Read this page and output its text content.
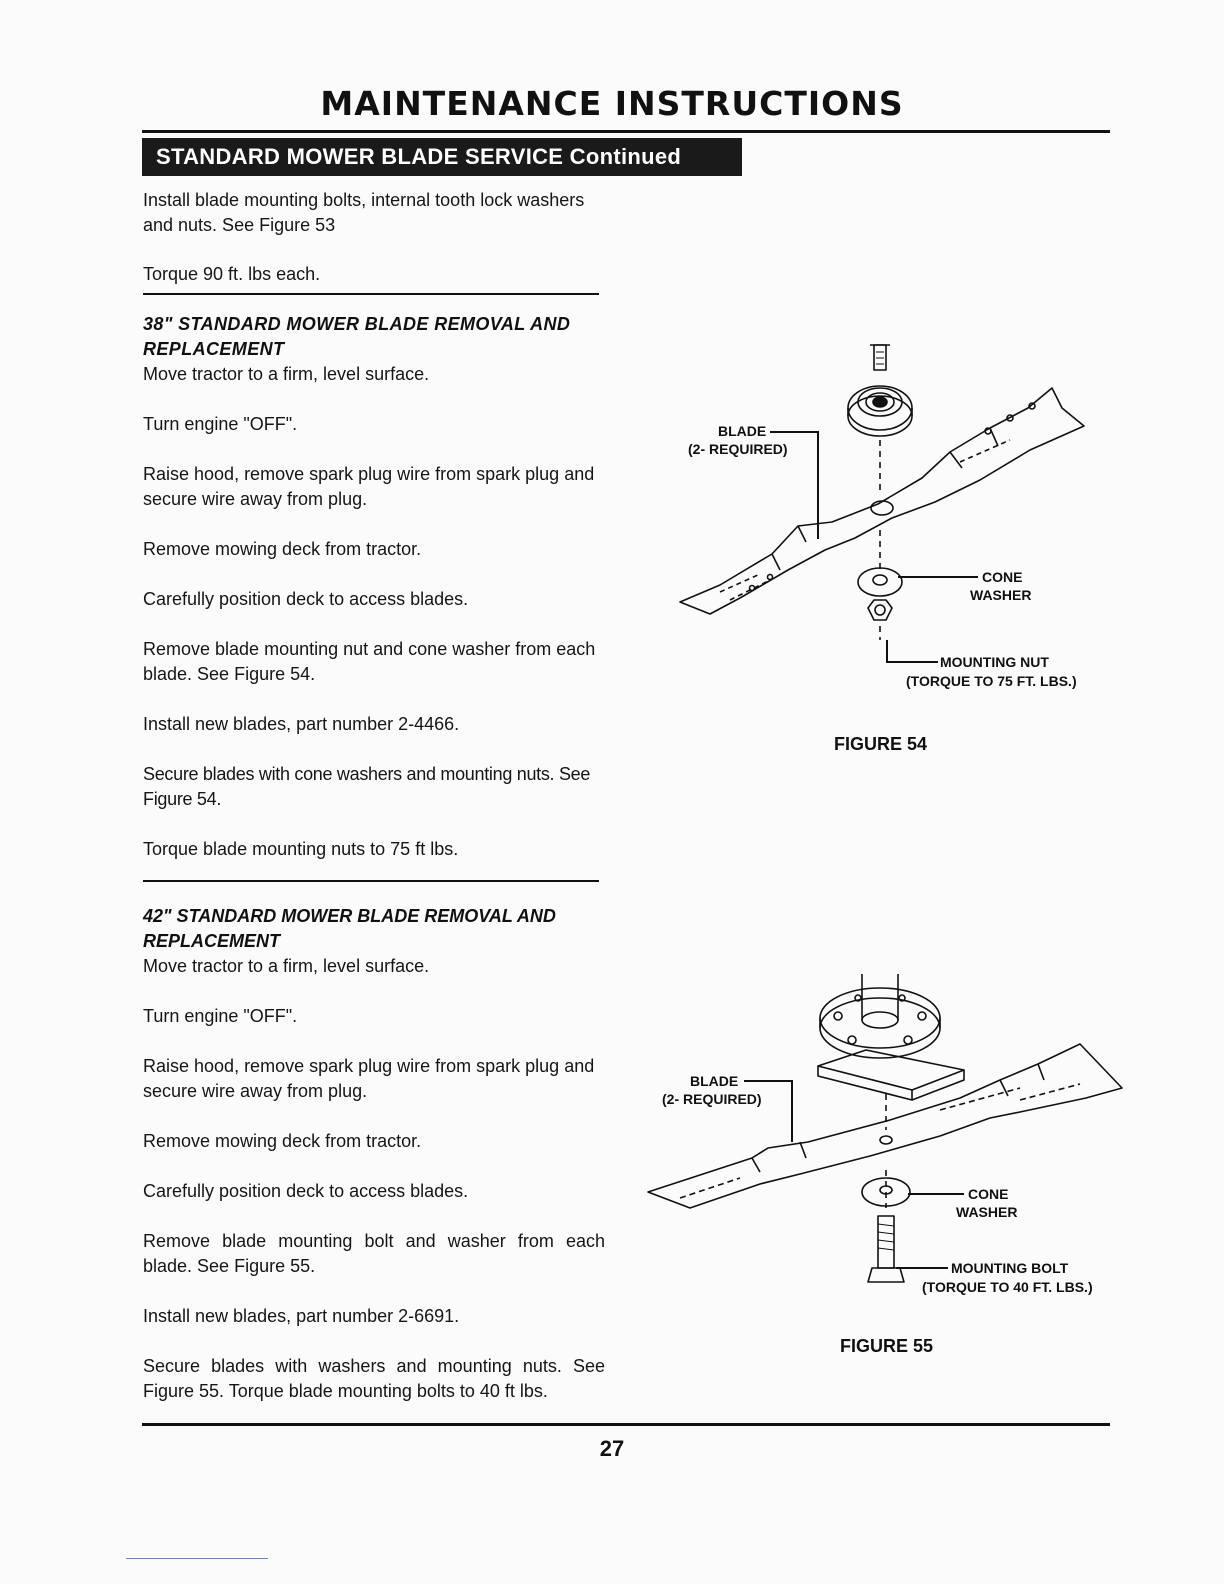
MAINTENANCE INSTRUCTIONS
STANDARD MOWER BLADE SERVICE Continued
Install blade mounting bolts, internal tooth lock washers and nuts. See Figure 53
Torque 90 ft. lbs each.
38" STANDARD MOWER BLADE REMOVAL AND REPLACEMENT
Move tractor to a firm, level surface.
Turn engine "OFF".
Raise hood, remove spark plug wire from spark plug and secure wire away from plug.
Remove mowing deck from tractor.
Carefully position deck to access blades.
Remove blade mounting nut and cone washer from each blade. See Figure 54.
Install new blades, part number 2-4466.
Secure blades with cone washers and mounting nuts. See Figure 54.
Torque blade mounting nuts to 75 ft lbs.
42" STANDARD MOWER BLADE REMOVAL AND REPLACEMENT
Move tractor to a firm, level surface.
Turn engine "OFF".
Raise hood, remove spark plug wire from spark plug and secure wire away from plug.
Remove mowing deck from tractor.
Carefully position deck to access blades.
Remove blade mounting bolt and washer from each blade. See Figure 55.
Install new blades, part number 2-6691.
Secure blades with washers and mounting nuts. See Figure 55. Torque blade mounting bolts to 40 ft lbs.
BLADE
(2- REQUIRED)
CONE
WASHER
MOUNTING NUT
(TORQUE TO 75 FT. LBS.)
FIGURE 54
BLADE
(2- REQUIRED)
CONE
WASHER
MOUNTING BOLT
(TORQUE TO 40 FT. LBS.)
FIGURE 55
27
